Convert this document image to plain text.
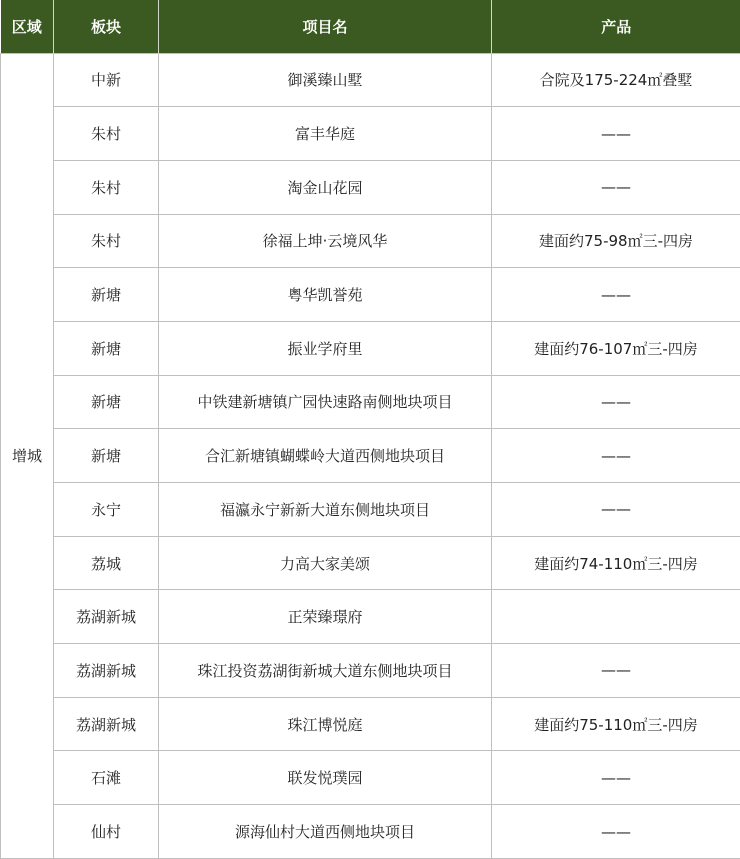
区域	板块	项目名	产品
增城	中新	御溪臻山墅	合院及175-224㎡叠墅
	朱村	富丰华庭	——
	朱村	淘金山花园	——
	朱村	徐福上坤·云境风华	建面约75-98㎡三-四房
	新塘	粤华凯誉苑	——
	新塘	振业学府里	建面约76-107㎡三-四房
	新塘	中铁建新塘镇广园快速路南侧地块项目	——
	新塘	合汇新塘镇蝴蝶岭大道西侧地块项目	——
	永宁	福瀛永宁新新大道东侧地块项目	——
	荔城	力高大家美颂	建面约74-110㎡三-四房
	荔湖新城	正荣臻璟府	
	荔湖新城	珠江投资荔湖街新城大道东侧地块项目	——
	荔湖新城	珠江博悦庭	建面约75-110㎡三-四房
	石滩	联发悦璞园	——
	仙村	源海仙村大道西侧地块项目	——
